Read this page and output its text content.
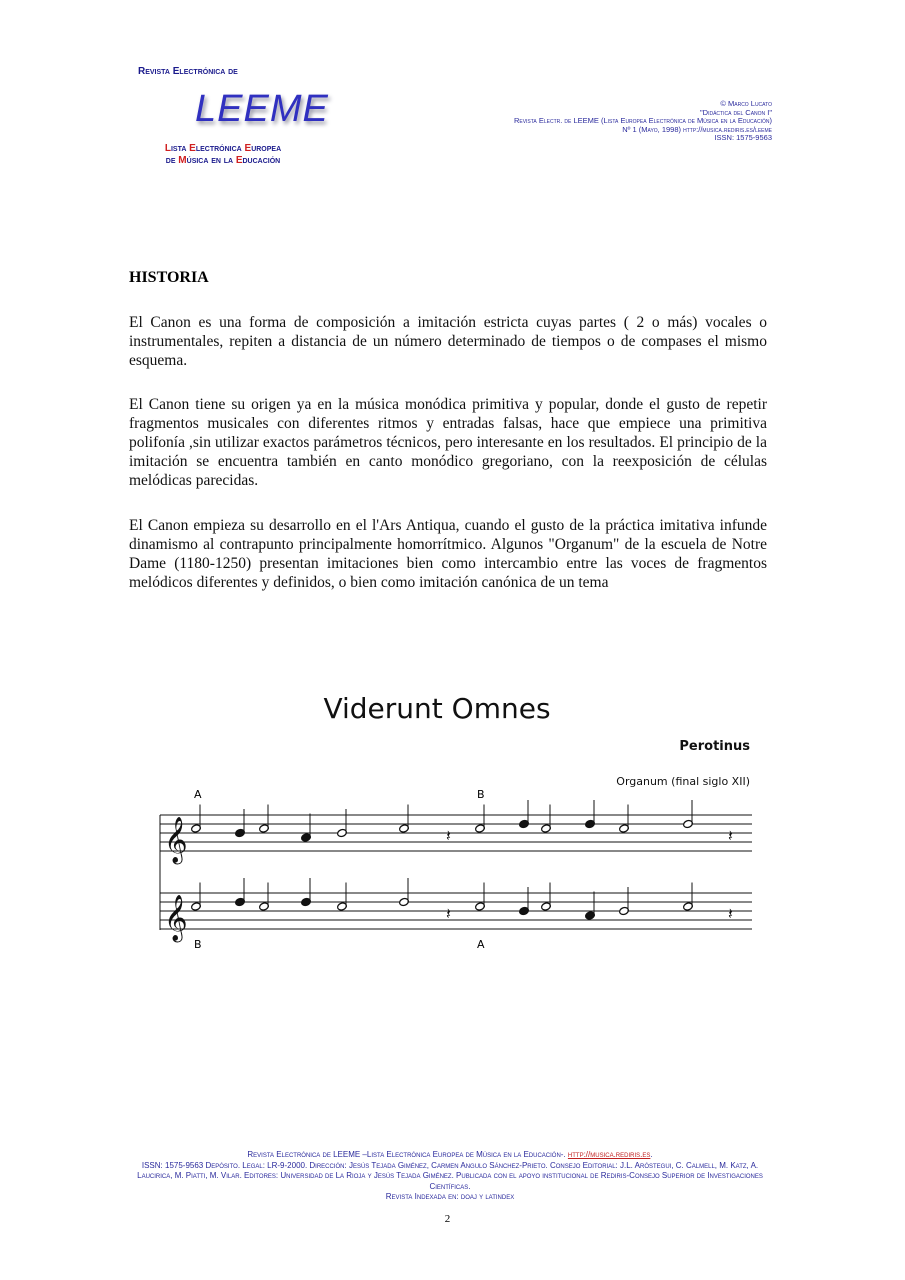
Revista Electrónica de
LEEME
Lista Electrónica Europea
de Música en la Educación
© Marco Lucato
"Didáctica del Canon I"
Revista Electr. de LEEME (Lista Europea Electrónica de Música en la Educación)
Nº 1 (Mayo, 1998) http://musica.rediris.es/leeme
ISSN: 1575-9563
HISTORIA
El Canon es una forma de composición a imitación estricta cuyas partes ( 2 o más) vocales o instrumentales, repiten a distancia de un número determinado de tiempos o de compases el mismo esquema.
El Canon tiene su origen ya en la música monódica primitiva y popular, donde el gusto de repetir fragmentos musicales con diferentes ritmos y entradas falsas, hace que empiece una primitiva polifonía ,sin utilizar exactos parámetros técnicos, pero interesante en los resultados. El principio de la imitación se encuentra también en canto monódico gregoriano, con la reexposición de células melódicas parecidas.
El Canon empieza su desarrollo en el l'Ars Antiqua, cuando el gusto de la práctica imitativa infunde dinamismo al contrapunto principalmente homorrítmico. Algunos "Organum" de la escuela de Notre Dame (1180-1250) presentan imitaciones bien como intercambio entre las voces de fragmentos melódicos diferentes y definidos, o bien como imitación canónica de un tema
Viderunt Omnes
Perotinus
Organum (final siglo XII)
A	B
B	A
𝄞	𝄽	𝄽
𝄞	𝄽	𝄽
Revista Electrónica de LEEME –Lista Electrónica Europea de Música en la Educación-. http://musica.rediris.es.
ISSN: 1575-9563 Depósito. Legal: LR-9-2000. Dirección: Jesús Tejada Giménez, Carmen Angulo Sánchez-Prieto. Consejo Editorial: J.L. Aróstegui, C. Calmell, M. Katz, A. Laucirica, M. Piatti, M. Vilar. Editores: Universidad de La Rioja y Jesús Tejada Giménez. Publicada con el apoyo institucional de Rediris-Consejo Superior de Investigaciones Científicas.
Revista Indexada en: doaj y latindex
2
